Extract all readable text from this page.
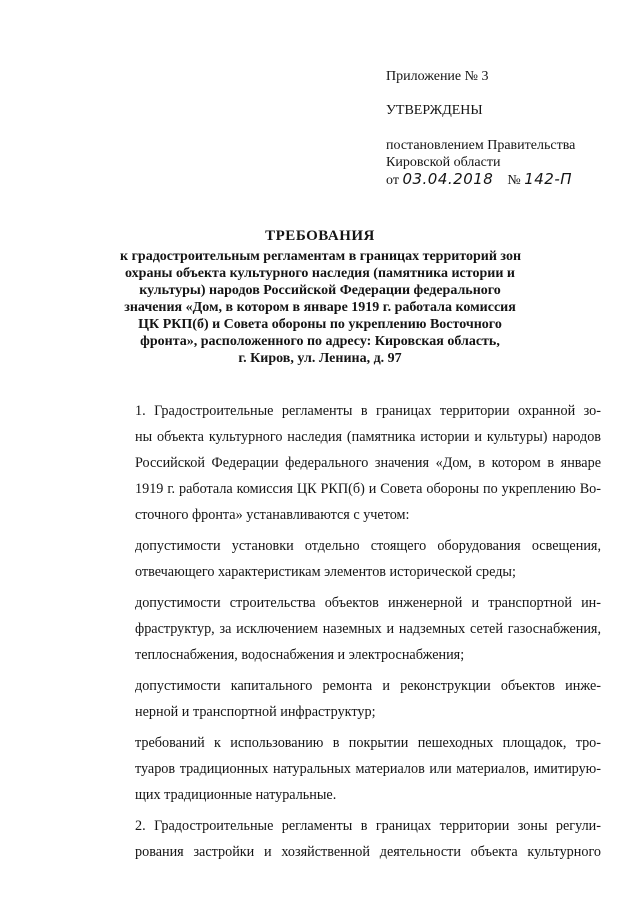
Приложение № 3
УТВЕРЖДЕНЫ
постановлением Правительства
Кировской области
от 03.04.2018 № 142-П
ТРЕБОВАНИЯ
к градостроительным регламентам в границах территорий зон
охраны объекта культурного наследия (памятника истории и
культуры) народов Российской Федерации федерального
значения «Дом, в котором в январе 1919 г. работала комиссия
ЦК РКП(б) и Совета обороны по укреплению Восточного
фронта», расположенного по адресу: Кировская область,
г. Киров, ул. Ленина, д. 97

1. Градостроительные регламенты в границах территории охранной зо-
ны объекта культурного наследия (памятника истории и культуры) народов
Российской Федерации федерального значения «Дом, в котором в январе
1919 г. работала комиссия ЦК РКП(б) и Совета обороны по укреплению Во-
сточного фронта» устанавливаются с учетом:

допустимости установки отдельно стоящего оборудования освещения,
отвечающего характеристикам элементов исторической среды;

допустимости строительства объектов инженерной и транспортной ин-
фраструктур, за исключением наземных и надземных сетей газоснабжения,
теплоснабжения, водоснабжения и электроснабжения;

допустимости капитального ремонта и реконструкции объектов инже-
нерной и транспортной инфраструктур;

требований к использованию в покрытии пешеходных площадок, тро-
туаров традиционных натуральных материалов или материалов, имитирую-
щих традиционные натуральные.

2. Градостроительные регламенты в границах территории зоны регули-
рования застройки и хозяйственной деятельности объекта культурного
